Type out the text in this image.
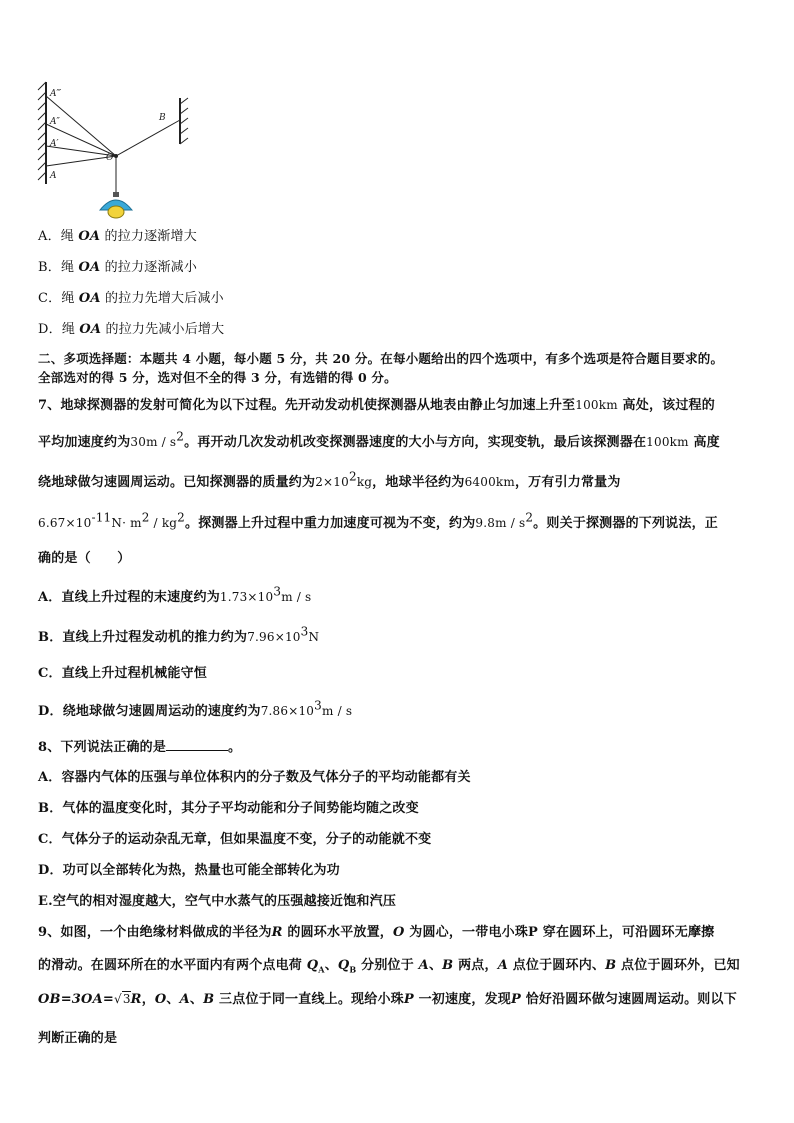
A‴
A″
A′
A
O
B
A．绳 OA 的拉力逐渐增大
B．绳 OA 的拉力逐渐减小
C．绳 OA 的拉力先增大后减小
D．绳 OA 的拉力先减小后增大
二、多项选择题：本题共 4 小题，每小题 5 分，共 20 分。在每小题给出的四个选项中，有多个选项是符合题目要求的。
全部选对的得 5 分，选对但不全的得 3 分，有选错的得 0 分。
7、地球探测器的发射可简化为以下过程。先开动发动机使探测器从地表由静止匀加速上升至100km 高处，该过程的
平均加速度约为$30m / s^2$。再开动几次发动机改变探测器速度的大小与方向，实现变轨，最后该探测器在100km 高度
绕地球做匀速圆周运动。已知探测器的质量约为$2\times 10^2kg$，地球半径约为6400km，万有引力常量为
$6.67\times 10^{-11}N\cdot m^2 / kg^2$。探测器上升过程中重力加速度可视为不变，约为$9.8m / s^2$。则关于探测器的下列说法，正
确的是（　　）
A．直线上升过程的末速度约为$1.73\times 10^3m / s$
B．直线上升过程发动机的推力约为$7.96\times 10^3N$
C．直线上升过程机械能守恒
D．绕地球做匀速圆周运动的速度约为$7.86\times 10^3m / s$
8、下列说法正确的是	。
A．容器内气体的压强与单位体积内的分子数及气体分子的平均动能都有关
B．气体的温度变化时，其分子平均动能和分子间势能均随之改变
C．气体分子的运动杂乱无章，但如果温度不变，分子的动能就不变
D．功可以全部转化为热，热量也可能全部转化为功
E.空气的相对湿度越大，空气中水蒸气的压强越接近饱和汽压
9、如图，一个由绝缘材料做成的半径为R 的圆环水平放置，O 为圆心，一带电小珠P 穿在圆环上，可沿圆环无摩擦
的滑动。在圆环所在的水平面内有两个点电荷 $Q_A$、$Q_B$ 分别位于 A、B 两点，A 点位于圆环内、B 点位于圆环外，已知
OB=3OA=√3R，O、A、B 三点位于同一直线上。现给小珠P 一初速度，发现P 恰好沿圆环做匀速圆周运动。则以下
判断正确的是
